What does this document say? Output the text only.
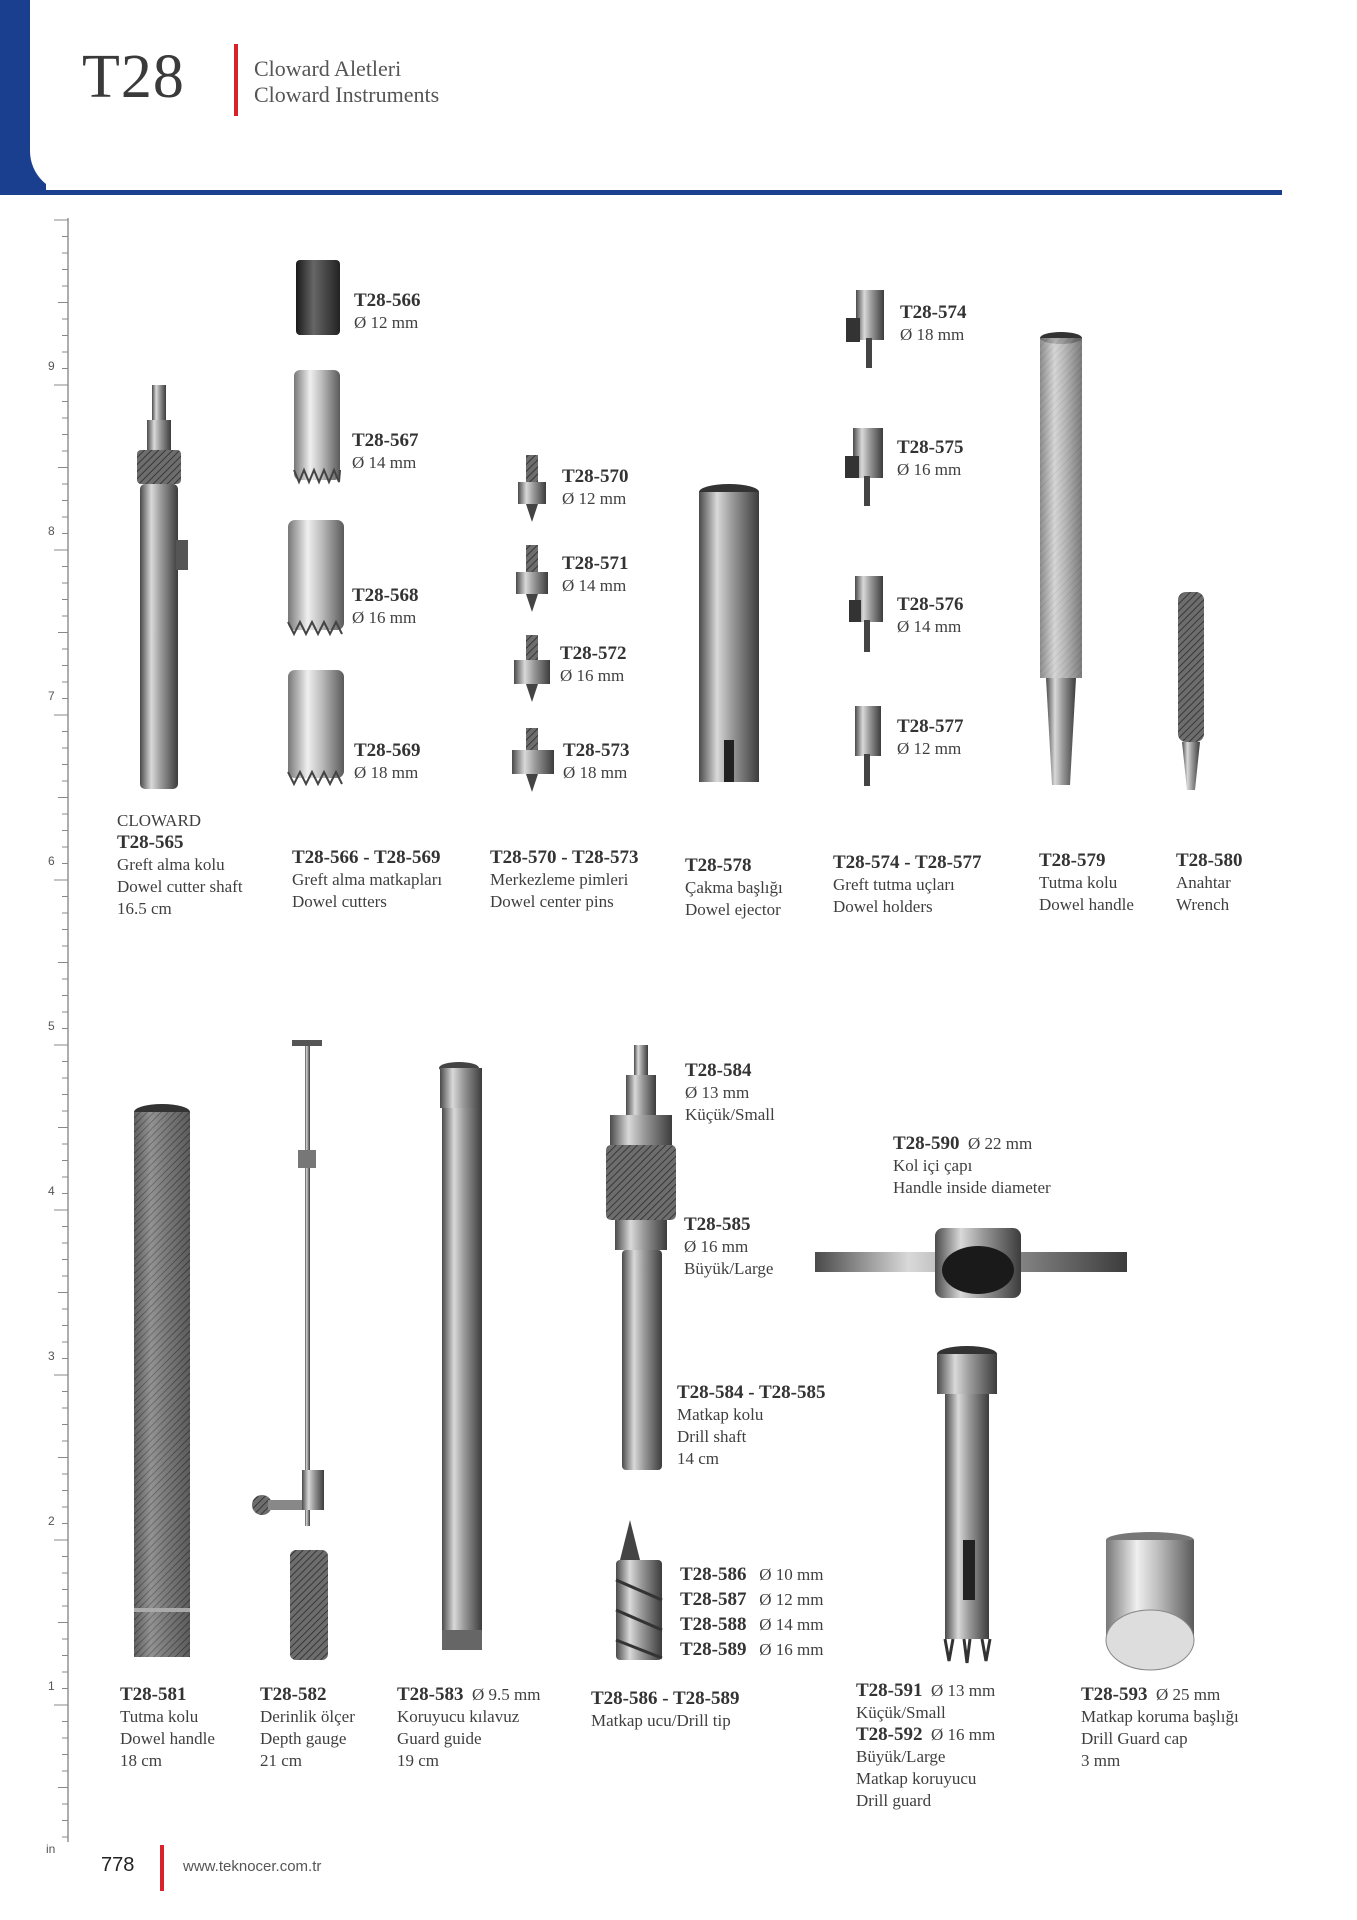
T28	Cloward Aletleri
Cloward Instruments
9
8
7
6
5
4
3
2
1
in
CLOWARD
T28-565
Greft alma kolu
Dowel cutter shaft
16.5 cm
T28-566
Ø 12 mm
T28-567
Ø 14 mm
T28-568
Ø 16 mm
T28-569
Ø 18 mm
T28-566 - T28-569
Greft alma matkapları
Dowel cutters
T28-570
Ø 12 mm
T28-571
Ø 14 mm
T28-572
Ø 16 mm
T28-573
Ø 18 mm
T28-570 - T28-573
Merkezleme pimleri
Dowel center pins
T28-578
Çakma başlığı
Dowel ejector
T28-574
Ø 18 mm
T28-575
Ø 16 mm
T28-576
Ø 14 mm
T28-577
Ø 12 mm
T28-574 - T28-577
Greft tutma uçları
Dowel holders
T28-579
Tutma kolu
Dowel handle
T28-580
Anahtar
Wrench
T28-581
Tutma kolu
Dowel handle
18 cm
T28-582
Derinlik ölçer
Depth gauge
21 cm
T28-583 Ø 9.5 mm
Koruyucu kılavuz
Guard guide
19 cm
T28-584
Ø 13 mm
Küçük/Small
T28-585
Ø 16 mm
Büyük/Large
T28-584 - T28-585
Matkap kolu
Drill shaft
14 cm
T28-590 Ø 22 mm
Kol içi çapı
Handle inside diameter
T28-586 Ø 10 mm
T28-587 Ø 12 mm
T28-588 Ø 14 mm
T28-589 Ø 16 mm
T28-586 - T28-589
Matkap ucu/Drill tip
T28-591 Ø 13 mm
Küçük/Small
T28-592 Ø 16 mm
Büyük/Large
Matkap koruyucu
Drill guard
T28-593 Ø 25 mm
Matkap koruma başlığı
Drill Guard cap
3 mm
778	www.teknocer.com.tr
